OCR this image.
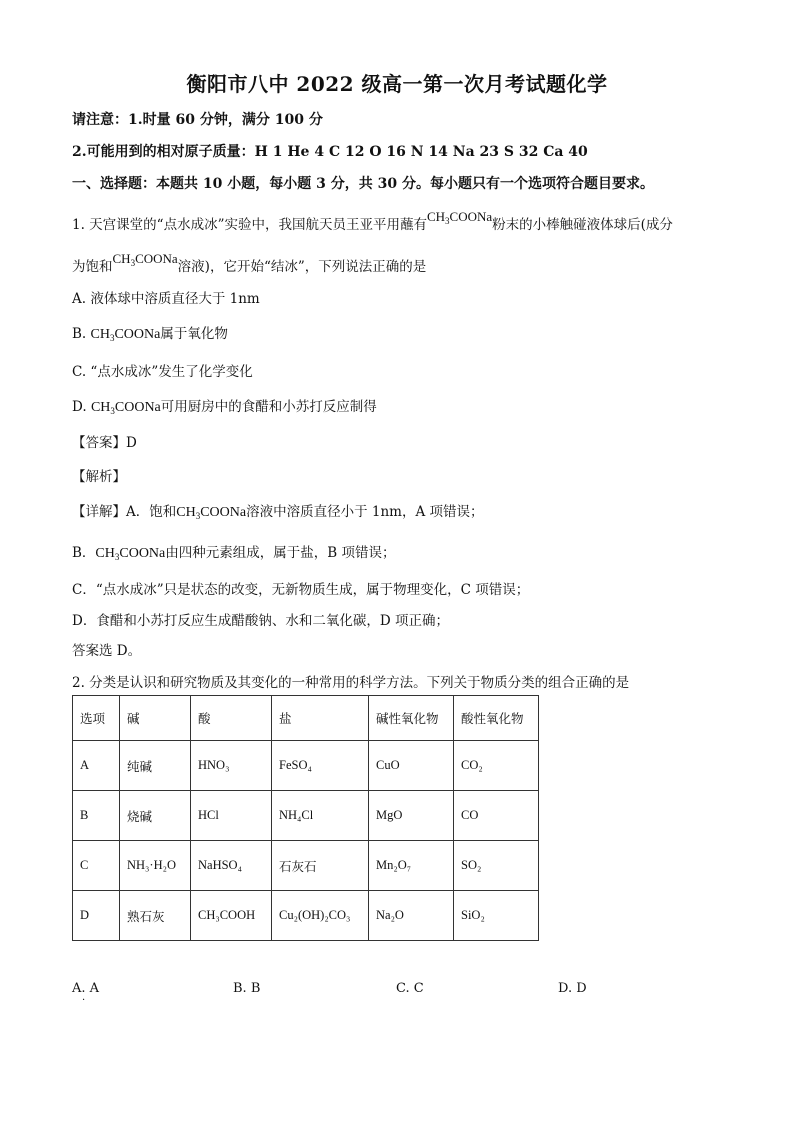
衡阳市八中 2022 级高一第一次月考试题化学
请注意：1.时量 60 分钟，满分 100 分
2.可能用到的相对原子质量：H 1 He 4 C 12 O 16 N 14 Na 23 S 32 Ca 40
一、选择题：本题共 10 小题，每小题 3 分，共 30 分。每小题只有一个选项符合题目要求。
1. 天宫课堂的“点水成冰”实验中，我国航天员王亚平用蘸有$CH_3COONa$粉末的小棒触碰液体球后(成分
为饱和$CH_3COONa$溶液)，它开始“结冰”，下列说法正确的是
A. 液体球中溶质直径大于 1nm
B. $CH_3COONa$属于氧化物
C. “点水成冰”发生了化学变化
D. $CH_3COONa$可用厨房中的食醋和小苏打反应制得
【答案】D
【解析】
【详解】A．饱和$CH_3COONa$溶液中溶质直径小于 1nm，A 项错误；
B．$CH_3COONa$由四种元素组成，属于盐，B 项错误；
C．“点水成冰”只是状态的改变，无新物质生成，属于物理变化，C 项错误；
D．食醋和小苏打反应生成醋酸钠、水和二氧化碳，D 项正确；
答案选 D。
2. 分类是认识和研究物质及其变化的一种常用的科学方法。下列关于物质分类的组合正确的是
选项	碱	酸	盐	碱性氧化物	酸性氧化物
A	纯碱	HNO₃	FeSO₄	CuO	CO₂
B	烧碱	HCl	NH₄Cl	MgO	CO
C	NH₃·H₂O	NaHSO₄	石灰石	Mn₂O₇	SO₂
D	熟石灰	CH₃COOH	Cu₂(OH)₂CO₃	Na₂O	SiO₂
A. A	B. B	C. C	D. D
·
